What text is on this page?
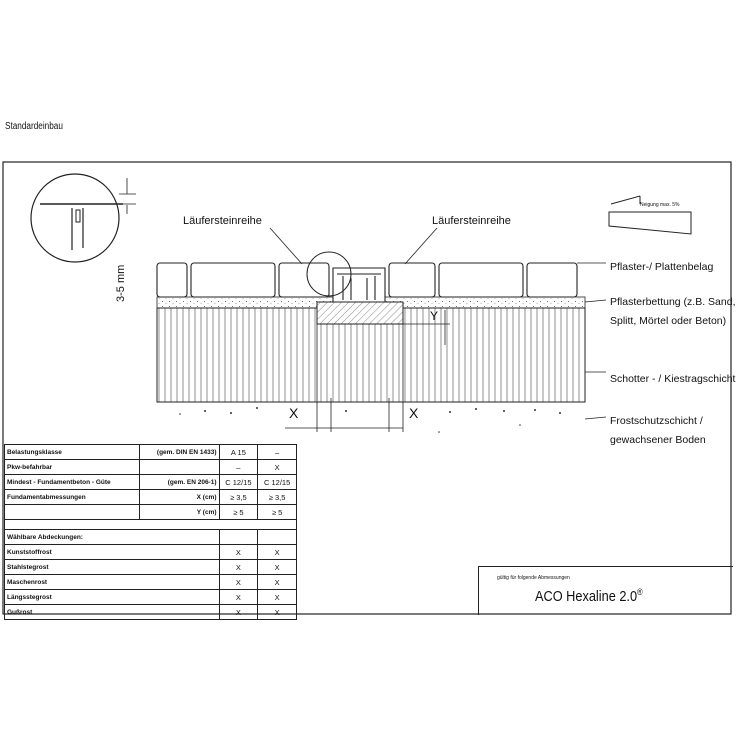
Standardeinbau
X	X
Y
Läufersteinreihe	Läufersteinreihe
Pflaster-/ Plattenbelag
Pflasterbettung (z.B. Sand,
Splitt, Mörtel oder Beton)
Schotter - / Kiestragschicht
Frostschutzschicht /
gewachsener Boden
Neigung max. 5%
3-5 mm
Belastungsklasse	(gem. DIN EN 1433)	A 15	–
Pkw-befahrbar		–	X
Mindest - Fundamentbeton - Güte	(gem. EN 206-1)	C 12/15	C 12/15
Fundamentabmessungen	X (cm)	≥ 3,5	≥ 3,5
	Y (cm)	≥ 5	≥ 5

Wählbare Abdeckungen:			
Kunststoffrost		X	X
Stahlstegrost		X	X
Maschenrost		X	X
Längsstegrost		X	X
Gußrost		X	X
gültig für folgende Abmessungen
ACO Hexaline 2.0®
